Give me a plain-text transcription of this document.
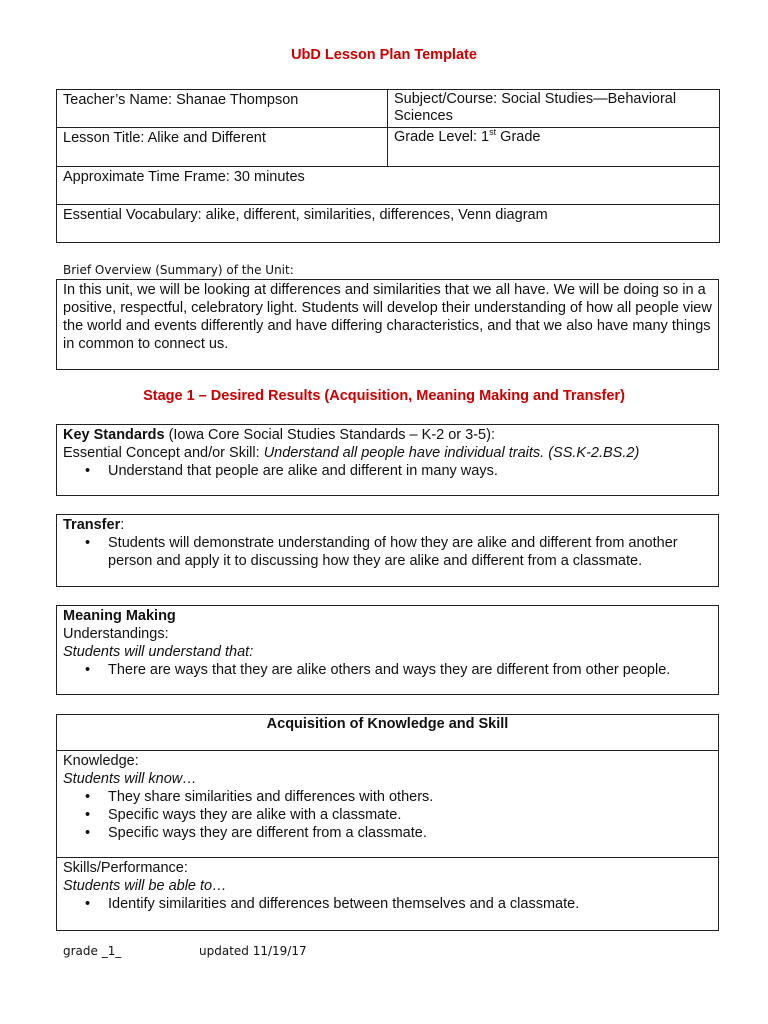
UbD Lesson Plan Template
Teacher’s Name: Shanae Thompson	Subject/Course: Social Studies—Behavioral Sciences

Lesson Title: Alike and Different	Grade Level: 1st Grade

Approximate Time Frame: 30 minutes	

Essential Vocabulary: alike, different, similarities, differences, Venn diagram	
Brief Overview (Summary) of the Unit:
In this unit, we will be looking at differences and similarities that we all have. We will be doing so in a positive, respectful, celebratory light. Students will develop their understanding of how all people view the world and events differently and have differing characteristics, and that we also have many things in common to connect us.
Stage 1 – Desired Results (Acquisition, Meaning Making and Transfer)
Key Standards (Iowa Core Social Studies Standards – K-2 or 3-5):
Essential Concept and/or Skill: Understand all people have individual traits. (SS.K-2.BS.2)
• Understand that people are alike and different in many ways.
Transfer:
• Students will demonstrate understanding of how they are alike and different from another person and apply it to discussing how they are alike and different from a classmate.
Meaning Making
Understandings:
Students will understand that:
• There are ways that they are alike others and ways they are different from other people.
Acquisition of Knowledge and Skill
Knowledge:
Students will know…
• They share similarities and differences with others.
• Specific ways they are alike with a classmate.
• Specific ways they are different from a classmate.
Skills/Performance:
Students will be able to…
• Identify similarities and differences between themselves and a classmate.
grade _1_	updated 11/19/17
